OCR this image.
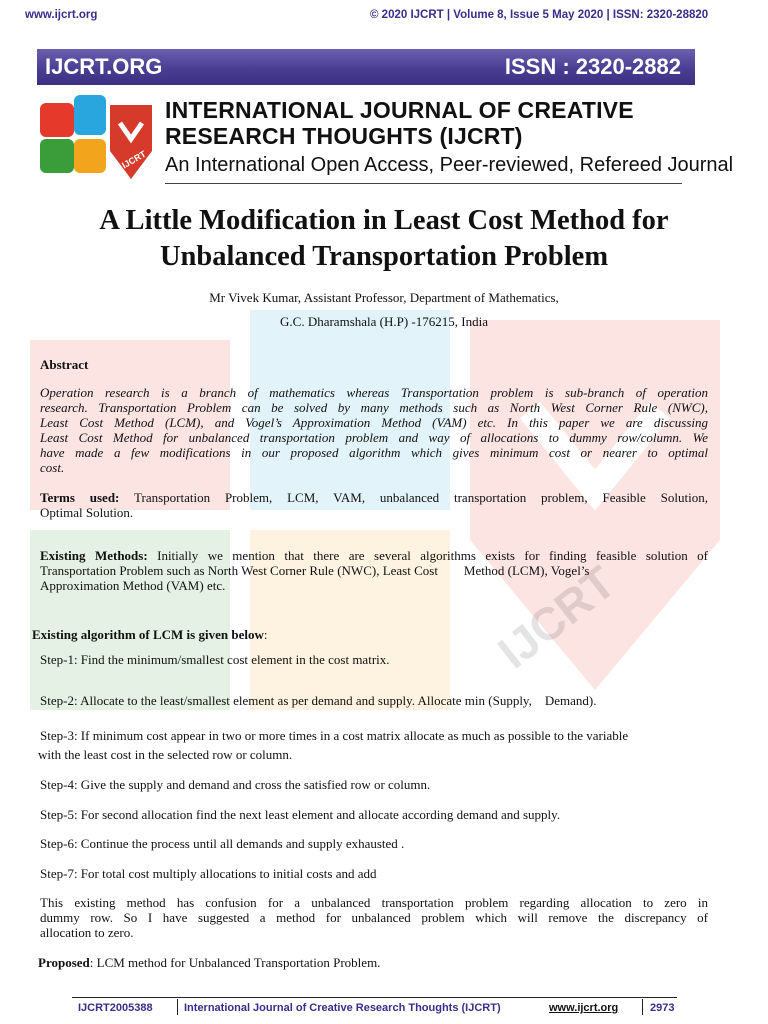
IJCRT
www.ijcrt.org	© 2020 IJCRT | Volume 8, Issue 5 May 2020 | ISSN: 2320-28820
IJCRT.ORG	ISSN : 2320-2882
IJCRT
INTERNATIONAL JOURNAL OF CREATIVE
RESEARCH THOUGHTS (IJCRT)
An International Open Access, Peer-reviewed, Refereed Journal
A Little Modification in Least Cost Method for
Unbalanced Transportation Problem
Mr Vivek Kumar, Assistant Professor, Department of Mathematics,
G.C. Dharamshala (H.P) -176215, India
Abstract
Operation research is a branch of mathematics whereas Transportation problem is sub-branch of operation
research. Transportation Problem can be solved by many methods such as North West Corner Rule (NWC),
Least Cost Method (LCM), and Vogel’s Approximation Method (VAM) etc. In this paper we are discussing
Least Cost Method for unbalanced transportation problem and way of allocations to dummy row/column. We
have made a few modifications in our proposed algorithm which gives minimum cost or nearer to optimal
cost.
Terms used: Transportation Problem, LCM, VAM, unbalanced transportation problem, Feasible Solution,
Optimal Solution.
Existing Methods: Initially we mention that there are several algorithms exists for finding feasible solution of
Transportation Problem such as North West Corner Rule (NWC), Least Cost        Method (LCM), Vogel’s
Approximation Method (VAM) etc.
Existing algorithm of LCM is given below:
Step-1: Find the minimum/smallest cost element in the cost matrix.
Step-2: Allocate to the least/smallest element as per demand and supply. Allocate min (Supply,    Demand).
Step-3: If minimum cost appear in two or more times in a cost matrix allocate as much as possible to the variable
with the least cost in the selected row or column.
Step-4: Give the supply and demand and cross the satisfied row or column.
Step-5: For second allocation find the next least element and allocate according demand and supply.
Step-6: Continue the process until all demands and supply exhausted .
Step-7: For total cost multiply allocations to initial costs and add
This existing method has confusion for a unbalanced transportation problem regarding allocation to zero in
dummy row. So I have suggested a method for unbalanced problem which will remove the discrepancy of
allocation to zero.
Proposed: LCM method for Unbalanced Transportation Problem.
IJCRT2005388	International Journal of Creative Research Thoughts (IJCRT)	www.ijcrt.org	2973
